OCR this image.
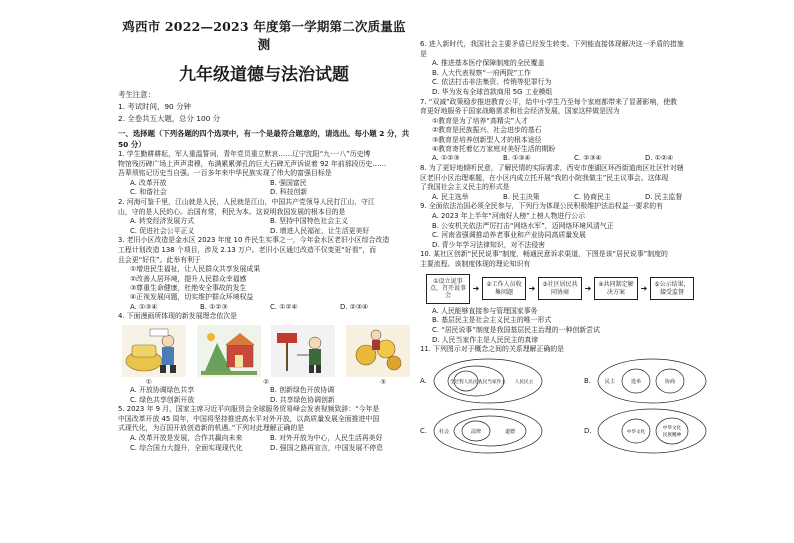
鸡西市 2022—2023 年度第一学期第二次质量监测
九年级道德与法治试题
考生注意：
1. 考试时间，90 分钟
2. 全卷共五大题，总分 100 分
一、选择题（下列各题的四个选项中，有一个是最符合题意的，请选出。每小题 2 分，共 50 分）
1. 学生勤耕耕耘，军人重温誓词，青年党员重立默哀……辽宁沈阳“九·一八”历史博
物馆残历碑广场上声声肃穆，布满累累弹孔的巨大石碑无声诉说着 92 年前那段历史……
吾辈须铭记历史当自强。一百多年来中华民族实现了伟大的富强目标是
A. 改革开放	B. 强国富民
C. 和谐社会	D. 科技创新
2. 河海可鉴千里，江山就是人民，人民就是江山，中国共产党领导人民打江山、守江
山，守的是人民的心。治国有常，利民为本。这说明我国发展的根本目的是
A. 转变经济发展方式	B. 坚持中国特色社会主义
C. 促进社会公平正义	D. 增进人民福祉，让生活更美好
3. 老旧小区改造是金水区 2023 年度 10 件民生实事之一，今年金水区老旧小区综合改造
工程计划改造 138 个项目，涉及 2.13 万户。老旧小区通过改造不仅变更“好看”，而
且会更“好住”。此举有利于
①增进民生福祉，让人民群众共享发展成果
②改善人居环境，提升人民群众幸福感
③尊重生命健康，杜绝安全事故的发生
④正视发展问题，切实维护群众环境权益
A. ①③④	B. ①②③	C. ①②④	D. ②③④
4. 下面漫画所体现的新发展理念依次是
①	②	③
A. 开放协调绿色共享	B. 创新绿色开放协调
C. 绿色共享创新开放	D. 共享绿色协调创新
5. 2023 年 9 月，国家主席习近平向服贸会全球服务贸易峰会发表视频致辞：“今年是
中国改革开放 45 周年，中国将坚持推进高水平对外开放，以高质量发展全面推进中国
式现代化，为百国开放创造新的机遇。”下列对此理解正确的是
A. 改革开放是发展，合作共赢向未来	B. 对外开放为中心，人民生活再美好
C. 综合国力大提升，全面实现现代化	D. 强国之路再宣言，中国发展不停息
6. 进入新时代，我国社会主要矛盾已经发生转变。下列能直接体现解决这一矛盾的措施
是
A. 推进基本医疗保障制度的全民覆盖
B. 人大代表视察“一府两院”工作
C. 依法打击非法集资、传销等犯罪行为
D. 华为发布全球首款商用 5G 工业模组
7. “双减”政策稳步推进教育公平，给中小学生乃至每个家庭都带来了显著影响，使教
育更好地服务于国家战略需求和社会经济发展，国家这样做是因为
①教育是为了培养“高精尖”人才
②教育是民族振兴、社会进步的基石
③教育是培养创新型人才的根本途径
④教育寄托着亿万家庭对美好生活的期盼
A. ①②③	B. ①③④	C. ②③④	D. ①②④
8. 为了更好地倾听民意，了解民情的实际需求，西安市莲湖区环西街道南区社区针对辖
区老旧小区治理难题，在小区内成立托开展“我的小院我做主”民主议事会。这体现
了我国社会主义民主的形式是
A. 民主选举	B. 民主决策	C. 协商民主	D. 民主监督
9. 全面依法治国必须全民参与，下列行为体现公民积极维护法治权益一要求的有
A. 2023 年上半年“河南好人榜”上榜人物进行公示
B. 公安机关依法严厉打击“网络水军”，迈网络环境风清气正
C. 河南省强调推动养老事业和产业协同高质量发展
D. 青少年学习法律知识，对不法侵害
10. 某社区创新“民民说事”制度，畅通民意诉求渠道，下图是该“居民说事”制度的
主要流程。该制度体现的理论知识有
①设立说事点，召开说事会
➜	②工作人员收集问题	➜	③社区居民共同协商	➜	④共同制定解决方案	➜	⑤公示结果，接受监督
A. 人民能够直接参与管理国家事务
B. 基层民主是社会主义民主的唯一形式
C. “居民说事”制度是我国基层民主治理的一种创新尝试
D. 人民当家作主是人民民主的真谛
11. 下列图示对于概念之间的关系理解正确的是
A.	全过程人民民主
人民当家作主 人民民主	B.	选举	协商
民主
C.	社会	法律	道德	D.	中华文化
中华文化
民族精神
